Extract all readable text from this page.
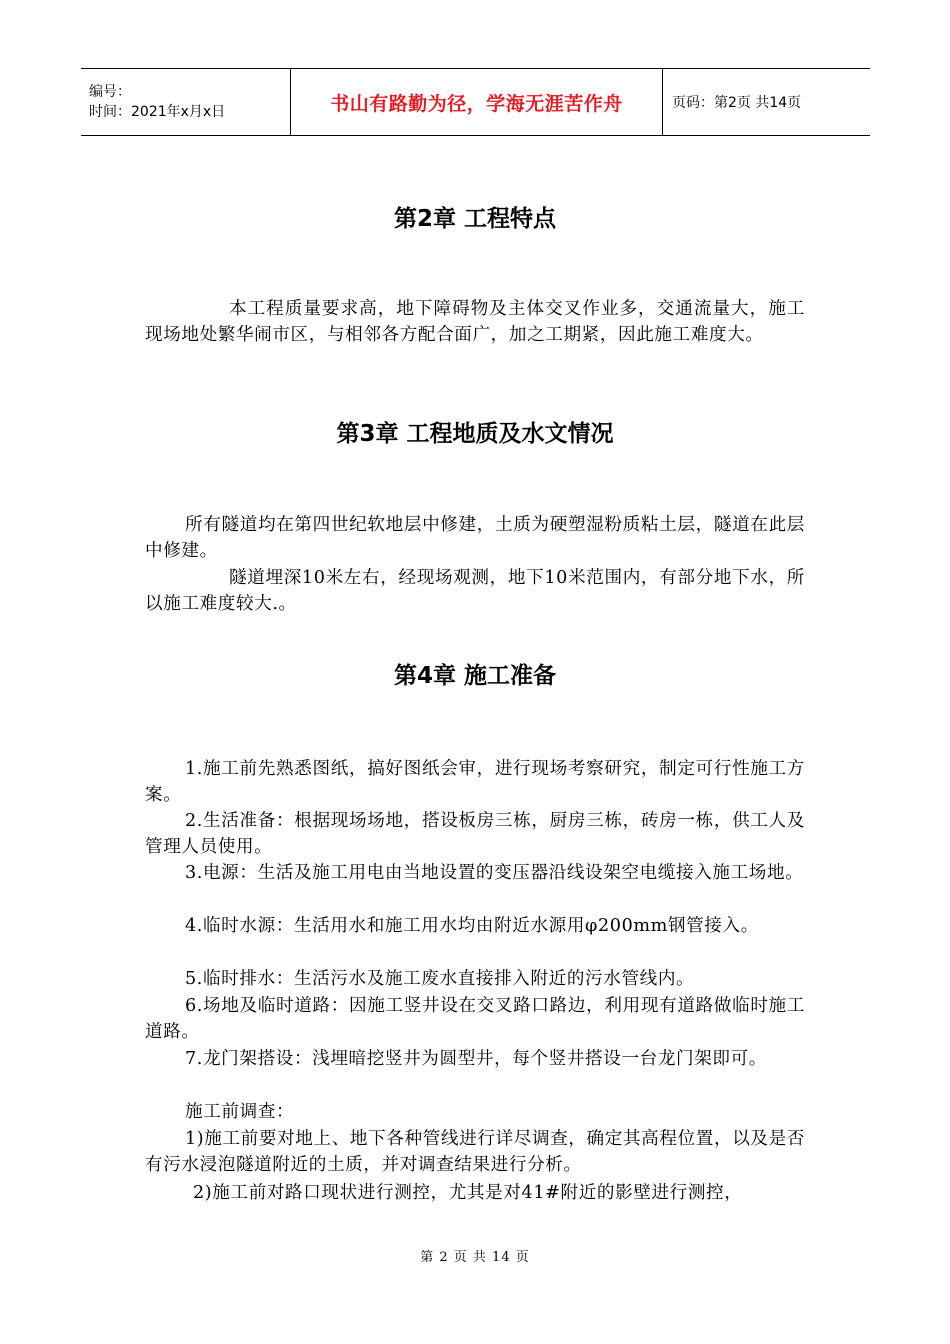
编号：
时间：2021年x月x日	书山有路勤为径，学海无涯苦作舟	页码：第2页 共14页
第2章 工程特点

本工程质量要求高，地下障碍物及主体交叉作业多，交通流量大，施工现场地处繁华闹市区，与相邻各方配合面广，加之工期紧，因此施工难度大。

第3章 工程地质及水文情况

所有隧道均在第四世纪软地层中修建，土质为硬塑湿粉质粘土层，隧道在此层中修建。

隧道埋深10米左右，经现场观测，地下10米范围内，有部分地下水，所以施工难度较大.。

第4章 施工准备

1.施工前先熟悉图纸，搞好图纸会审，进行现场考察研究，制定可行性施工方案。

2.生活准备：根据现场场地，搭设板房三栋，厨房三栋，砖房一栋，供工人及管理人员使用。

3.电源：生活及施工用电由当地设置的变压器沿线设架空电缆接入施工场地。

4.临时水源：生活用水和施工用水均由附近水源用φ200mm钢管接入。

5.临时排水：生活污水及施工废水直接排入附近的污水管线内。

6.场地及临时道路：因施工竖井设在交叉路口路边，利用现有道路做临时施工道路。

7.龙门架搭设：浅埋暗挖竖井为圆型井，每个竖井搭设一台龙门架即可。

施工前调查：

1)施工前要对地上、地下各种管线进行详尽调查，确定其高程位置，以及是否有污水浸泡隧道附近的土质，并对调查结果进行分析。

2)施工前对路口现状进行测控，尤其是对41#附近的影壁进行测控，

第 2 页 共 14 页
